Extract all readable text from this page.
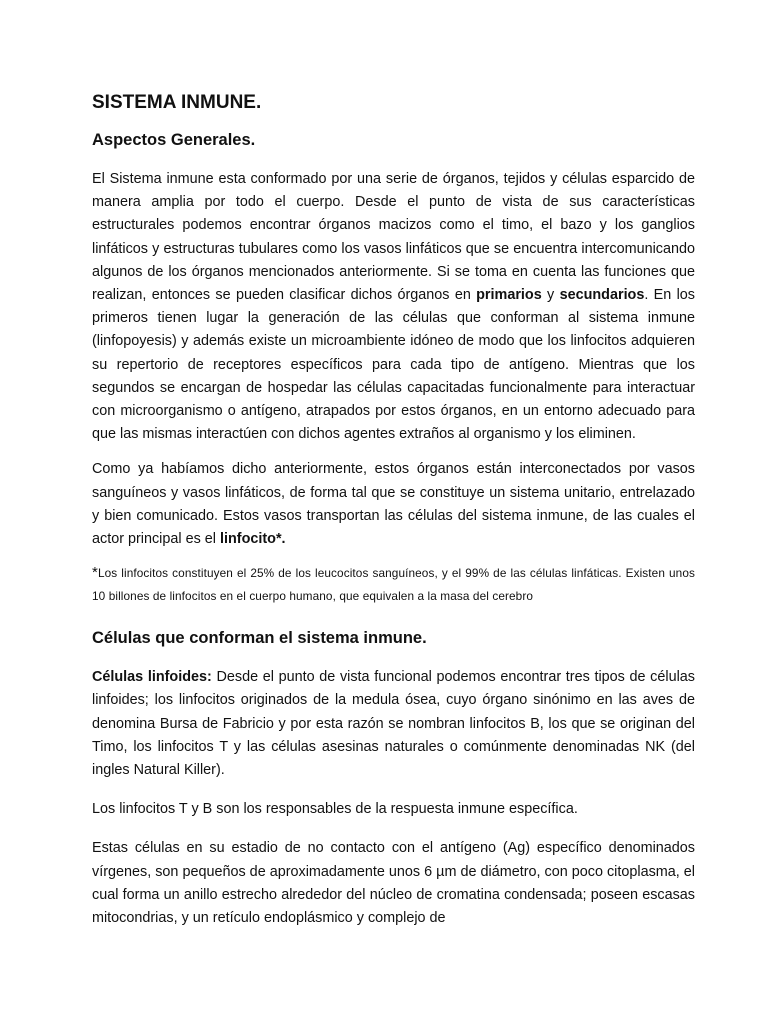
SISTEMA INMUNE.
Aspectos Generales.

El Sistema inmune esta conformado por una serie de órganos, tejidos y células esparcido de manera amplia por todo el cuerpo. Desde el punto de vista de sus características estructurales podemos encontrar órganos macizos como el timo, el bazo y los ganglios linfáticos y estructuras tubulares como los vasos linfáticos que se encuentra intercomunicando algunos de los órganos mencionados anteriormente. Si se toma en cuenta las funciones que realizan, entonces se pueden clasificar dichos órganos en primarios y secundarios. En los primeros tienen lugar la generación de las células que conforman al sistema inmune (linfopoyesis) y además existe un microambiente idóneo de modo que los linfocitos adquieren su repertorio de receptores específicos para cada tipo de antígeno. Mientras que los segundos se encargan de hospedar las células capacitadas funcionalmente para interactuar con microorganismo o antígeno, atrapados por estos órganos, en un entorno adecuado para que las mismas interactúen con dichos agentes extraños al organismo y los eliminen.

Como ya habíamos dicho anteriormente, estos órganos están interconectados por vasos sanguíneos y vasos linfáticos, de forma tal que se constituye un sistema unitario, entrelazado y bien comunicado. Estos vasos transportan las células del sistema inmune, de las cuales el actor principal es el linfocito*.

*Los linfocitos constituyen el 25% de los leucocitos sanguíneos, y el 99% de las células linfáticas. Existen unos 10 billones de linfocitos en el cuerpo humano, que equivalen a la masa del cerebro

Células que conforman el sistema inmune.

Células linfoides: Desde el punto de vista funcional podemos encontrar tres tipos de células linfoides; los linfocitos originados de la medula ósea, cuyo órgano sinónimo en las aves de denomina Bursa de Fabricio y por esta razón se nombran linfocitos B, los que se originan del Timo, los linfocitos T y las células asesinas naturales o comúnmente denominadas NK (del ingles Natural Killer).

Los linfocitos T y B son los responsables de la respuesta inmune específica.

Estas células en su estadio de no contacto con el antígeno (Ag) específico denominados vírgenes, son pequeños de aproximadamente unos 6 µm de diámetro, con poco citoplasma, el cual forma un anillo estrecho alrededor del núcleo de cromatina condensada; poseen escasas mitocondrias, y un retículo endoplásmico y complejo de
